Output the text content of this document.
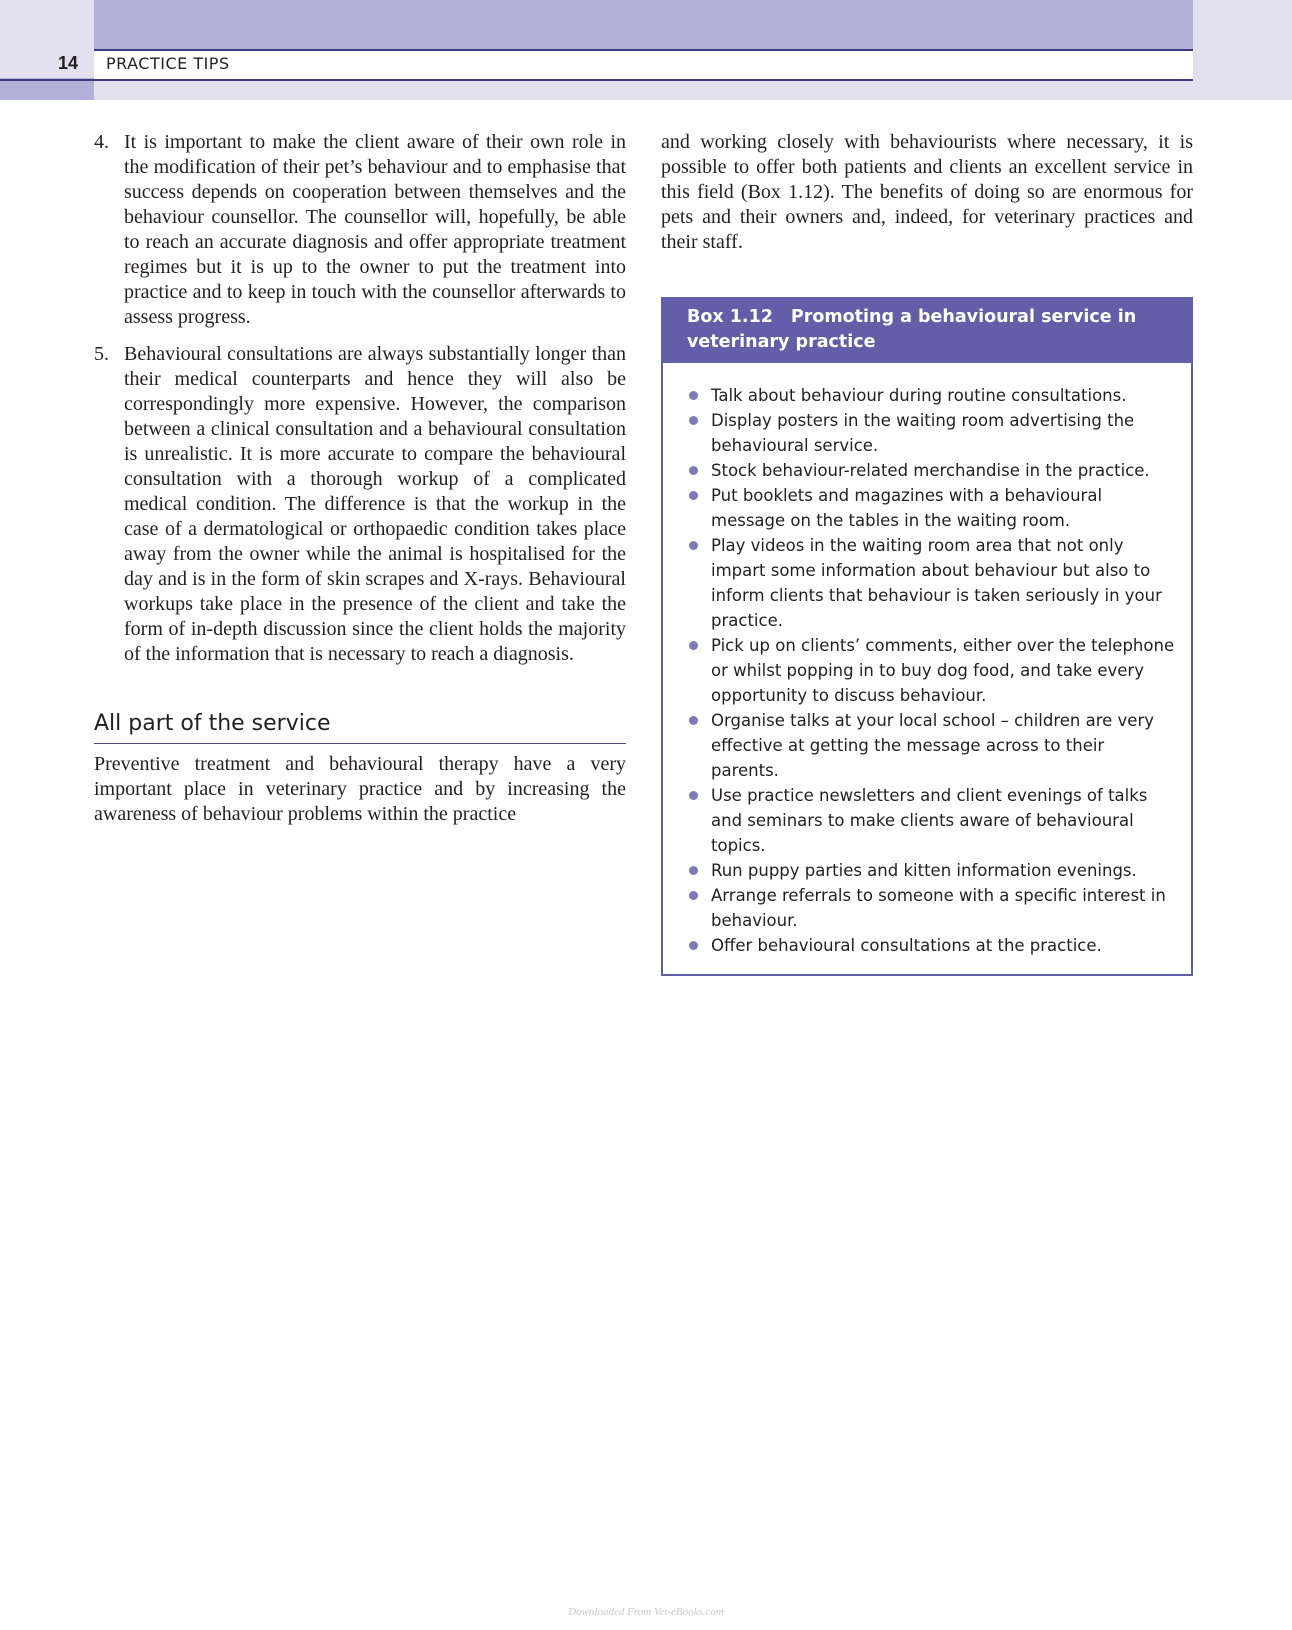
14 PRACTICE TIPS
4. It is important to make the client aware of their own role in the modification of their pet’s behaviour and to emphasise that success depends on cooperation between themselves and the behaviour counsellor. The counsellor will, hopefully, be able to reach an accurate diagnosis and offer appropriate treatment regimes but it is up to the owner to put the treatment into practice and to keep in touch with the counsellor afterwards to assess progress.
5. Behavioural consultations are always substantially longer than their medical counterparts and hence they will also be correspondingly more expensive. However, the comparison between a clinical consultation and a behavioural consultation is unrealistic. It is more accurate to compare the behavioural consultation with a thorough workup of a complicated medical condition. The difference is that the workup in the case of a dermatological or orthopaedic condition takes place away from the owner while the animal is hospitalised for the day and is in the form of skin scrapes and X-rays. Behavioural workups take place in the presence of the client and take the form of in-depth discussion since the client holds the majority of the information that is necessary to reach a diagnosis.
All part of the service

Preventive treatment and behavioural therapy have a very important place in veterinary practice and by increasing the awareness of behaviour problems within the practice

and working closely with behaviourists where necessary, it is possible to offer both patients and clients an excellent service in this field (Box 1.12). The benefits of doing so are enormous for pets and their owners and, indeed, for veterinary practices and their staff.

Box 1.12 Promoting a behavioural service in veterinary practice
Talk about behaviour during routine consultations.
Display posters in the waiting room advertising the behavioural service.
Stock behaviour-related merchandise in the practice.
Put booklets and magazines with a behavioural message on the tables in the waiting room.
Play videos in the waiting room area that not only impart some information about behaviour but also to inform clients that behaviour is taken seriously in your practice.
Pick up on clients’ comments, either over the telephone or whilst popping in to buy dog food, and take every opportunity to discuss behaviour.
Organise talks at your local school – children are very effective at getting the message across to their parents.
Use practice newsletters and client evenings of talks and seminars to make clients aware of behavioural topics.
Run puppy parties and kitten information evenings.
Arrange referrals to someone with a specific interest in behaviour.
Offer behavioural consultations at the practice.
Downloaded From Vet-eBooks.com
